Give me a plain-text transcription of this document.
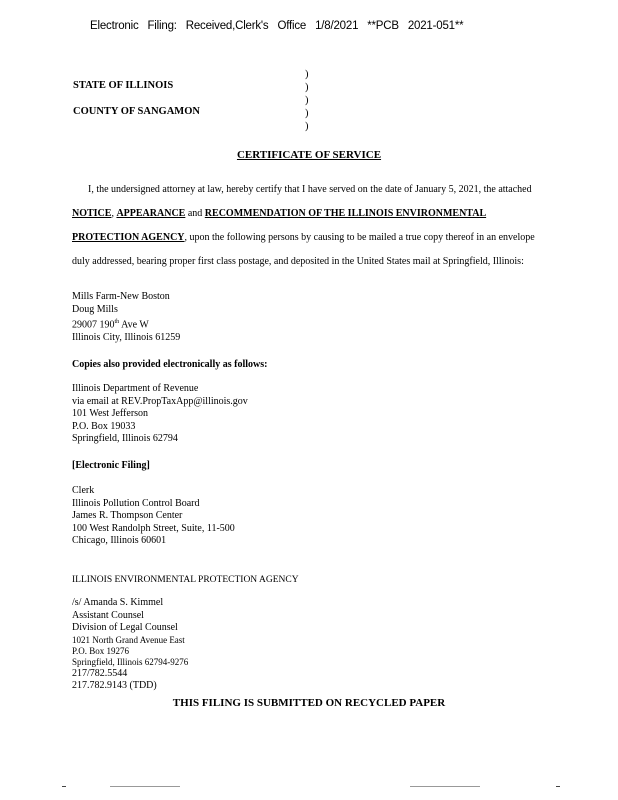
Electronic Filing: Received,Clerk's Office 1/8/2021 **PCB 2021-051**
STATE OF ILLINOIS
COUNTY OF SANGAMON
)
)
)
)
)
CERTIFICATE OF SERVICE
I, the undersigned attorney at law, hereby certify that I have served on the date of January 5, 2021, the attached NOTICE, APPEARANCE and RECOMMENDATION OF THE ILLINOIS ENVIRONMENTAL PROTECTION AGENCY, upon the following persons by causing to be mailed a true copy thereof in an envelope duly addressed, bearing proper first class postage, and deposited in the United States mail at Springfield, Illinois:
Mills Farm-New Boston
Doug Mills
29007 190th Ave W
Illinois City, Illinois 61259
Copies also provided electronically as follows:
Illinois Department of Revenue
via email at REV.PropTaxApp@illinois.gov
101 West Jefferson
P.O. Box 19033
Springfield, Illinois 62794
[Electronic Filing]
Clerk
Illinois Pollution Control Board
James R. Thompson Center
100 West Randolph Street, Suite, 11-500
Chicago, Illinois 60601
ILLINOIS ENVIRONMENTAL PROTECTION AGENCY
/s/ Amanda S. Kimmel
Assistant Counsel
Division of Legal Counsel
1021 North Grand Avenue East
P.O. Box 19276
Springfield, Illinois 62794-9276
217/782.5544
217.782.9143 (TDD)
THIS FILING IS SUBMITTED ON RECYCLED PAPER
